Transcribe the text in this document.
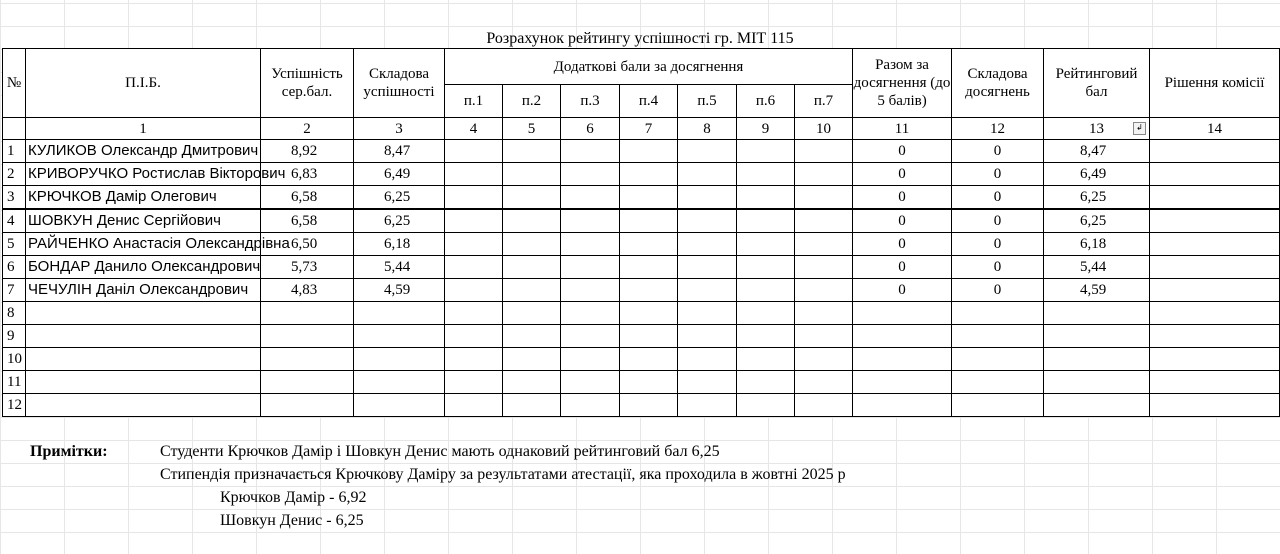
Розрахунок рейтингу успішності гр. МІТ 115
№	П.І.Б.	Успішність сер.бал.	Складова успішності	Додаткові бали за досягнення							Разом за досягнення (до 5 балів)	Складова досягнень	Рейтинговий бал	Рішення комісії
				п.1	п.2	п.3	п.4	п.5	п.6	п.7				
	1	2	3	4	5	6	7	8	9	10	11	12	13 ↲	14
1	КУЛИКОВ Олександр Дмитрович	8,92	8,47								0	0	8,47	
2	КРИВОРУЧКО Ростислав Вікторович	6,83	6,49								0	0	6,49	
3	КРЮЧКОВ Дамір Олегович	6,58	6,25								0	0	6,25	
4	ШОВКУН Денис Сергійович	6,58	6,25								0	0	6,25	
5	РАЙЧЕНКО Анастасія Олександрівна	6,50	6,18								0	0	6,18	
6	БОНДАР Данило Олександрович	5,73	5,44								0	0	5,44	
7	ЧЕЧУЛІН Даніл Олександрович	4,83	4,59								0	0	4,59	
8														
9														
10														
11														
12														
Примітки:	Студенти Крючков Дамір і Шовкун Денис мають однаковий рейтинговий бал 6,25
Стипендія призначається Крючкову Даміру за результатами атестації, яка проходила в жовтні 2025 р
Крючков Дамір - 6,92
Шовкун Денис - 6,25
